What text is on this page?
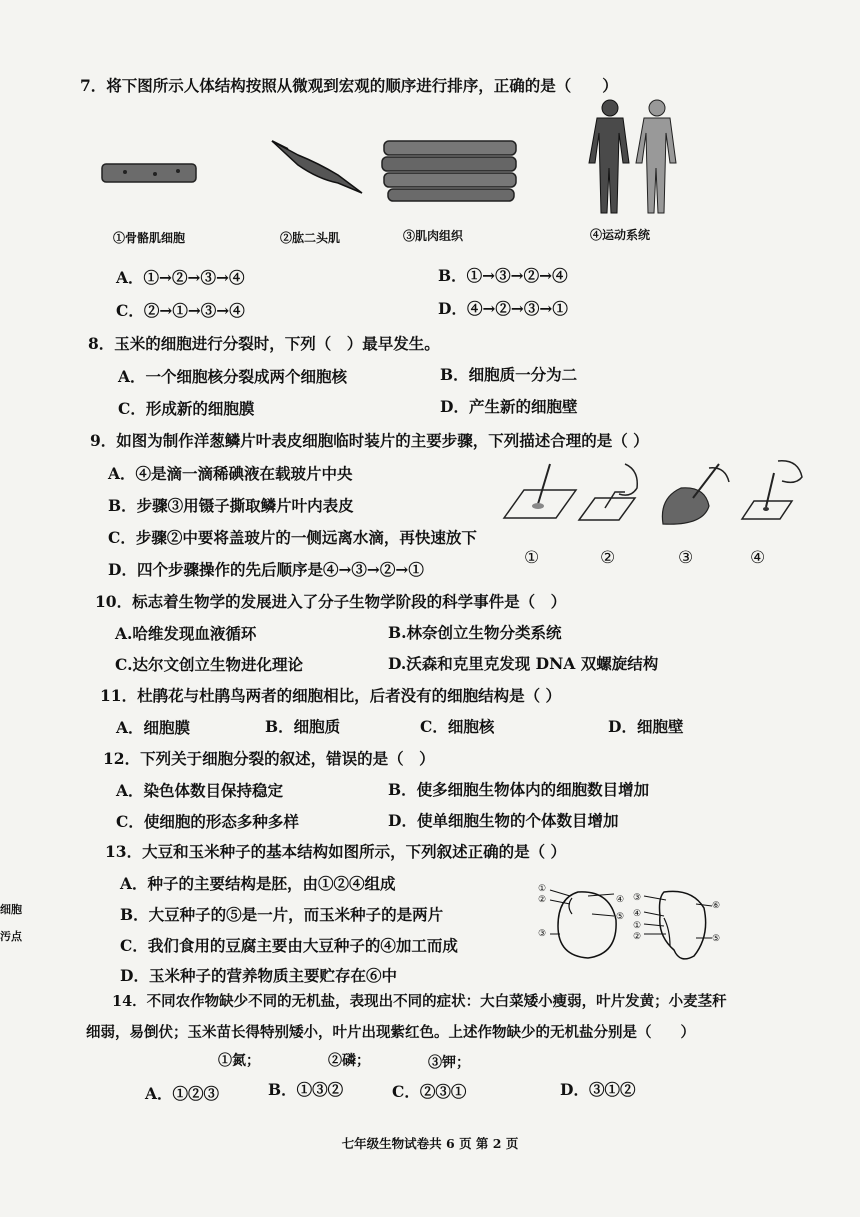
7．将下图所示人体结构按照从微观到宏观的顺序进行排序，正确的是（　　）
①骨骼肌细胞	②肱二头肌	③肌肉组织	④运动系统
A．①→②→③→④	B．①→③→②→④
C．②→①→③→④	D．④→②→③→①
8．玉米的细胞进行分裂时，下列（　）最早发生。
A．一个细胞核分裂成两个细胞核	B．细胞质一分为二
C．形成新的细胞膜	D．产生新的细胞壁
9．如图为制作洋葱鳞片叶表皮细胞临时装片的主要步骤，下列描述合理的是（ ）
A．④是滴一滴稀碘液在载玻片中央
B．步骤③用镊子撕取鳞片叶内表皮
C．步骤②中要将盖玻片的一侧远离水滴，再快速放下
D．四个步骤操作的先后顺序是④→③→②→①
①	②	③	④
10．标志着生物学的发展进入了分子生物学阶段的科学事件是（　）
A.哈维发现血液循环	B.林奈创立生物分类系统
C.达尔文创立生物进化理论	D.沃森和克里克发现 DNA 双螺旋结构
11．杜鹃花与杜鹃鸟两者的细胞相比，后者没有的细胞结构是（ ）
A．细胞膜	B．细胞质	C．细胞核	D．细胞壁
12．下列关于细胞分裂的叙述，错误的是（　）
A．染色体数目保持稳定	B．使多细胞生物体内的细胞数目增加
C．使细胞的形态多种多样	D．使单细胞生物的个体数目增加
13．大豆和玉米种子的基本结构如图所示，下列叙述正确的是（ ）
A．种子的主要结构是胚，由①②④组成
B．大豆种子的⑤是一片，而玉米种子的是两片
C．我们食用的豆腐主要由大豆种子的④加工而成
D．玉米种子的营养物质主要贮存在⑥中
①
②
③
④
⑤
③
④
①
②
⑥
⑤
14．不同农作物缺少不同的无机盐，表现出不同的症状：大白菜矮小瘦弱，叶片发黄；小麦茎秆
细弱，易倒伏；玉米苗长得特别矮小，叶片出现紫红色。上述作物缺少的无机盐分别是（　　）
①氮；	②磷；	③钾；
A．①②③	B．①③②	C．②③①	D．③①②
细胞
汚点
七年级生物试卷共 6 页 第 2 页
